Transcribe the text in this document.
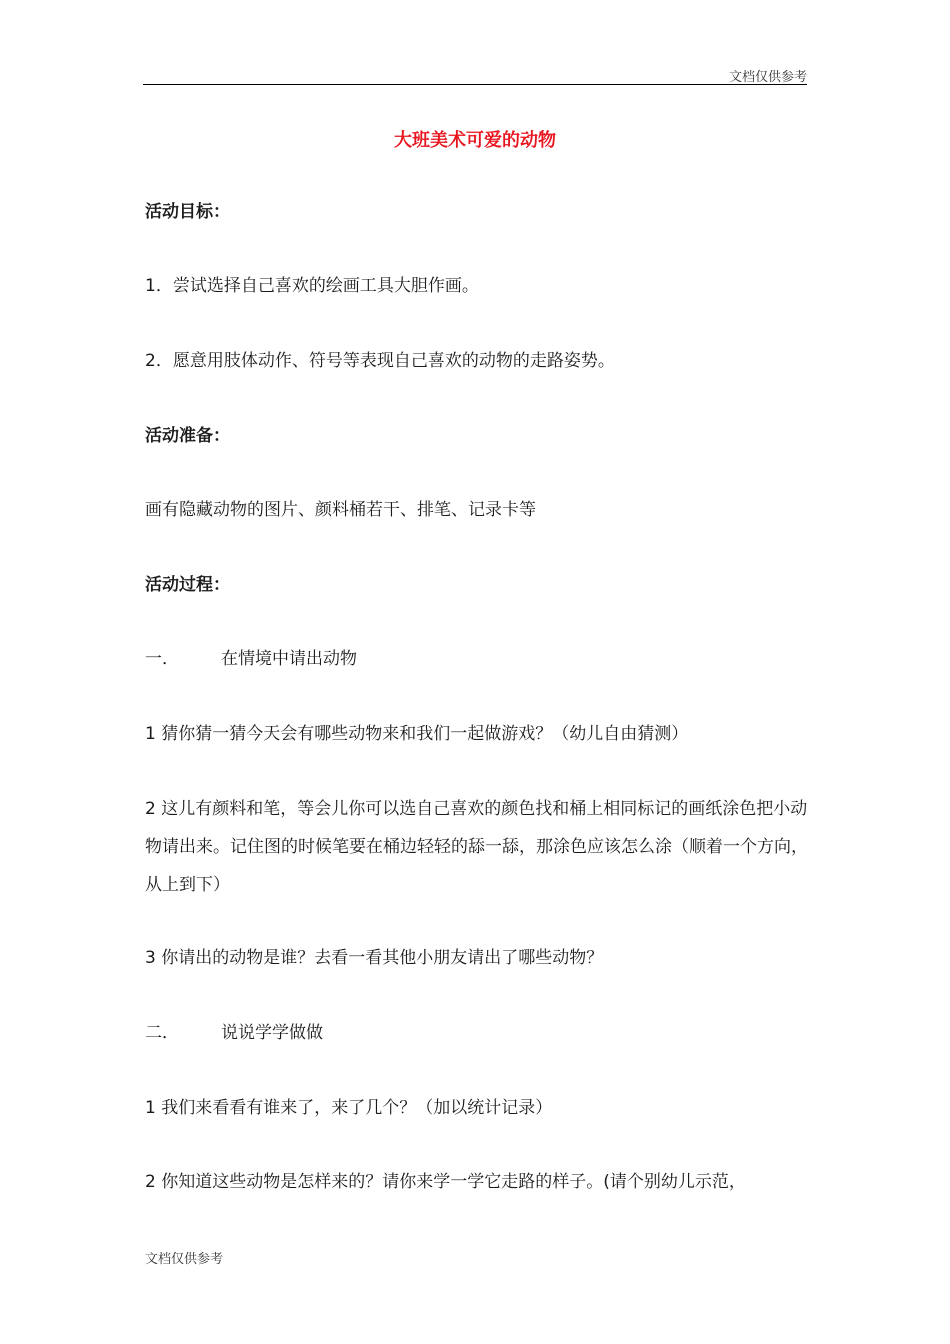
文档仅供参考
大班美术可爱的动物
活动目标：
1．尝试选择自己喜欢的绘画工具大胆作画。
2．愿意用肢体动作、符号等表现自己喜欢的动物的走路姿势。
活动准备：
画有隐藏动物的图片、颜料桶若干、排笔、记录卡等
活动过程：
一． 在情境中请出动物
1 猜你猜一猜今天会有哪些动物来和我们一起做游戏？（幼儿自由猜测）
2 这儿有颜料和笔，等会儿你可以选自己喜欢的颜色找和桶上相同标记的画纸涂色把小动物请出来。记住图的时候笔要在桶边轻轻的舔一舔，那涂色应该怎么涂（顺着一个方向，从上到下）
3 你请出的动物是谁？去看一看其他小朋友请出了哪些动物？
二． 说说学学做做
1 我们来看看有谁来了，来了几个？（加以统计记录）
2 你知道这些动物是怎样来的？请你来学一学它走路的样子。(请个别幼儿示范，
文档仅供参考
